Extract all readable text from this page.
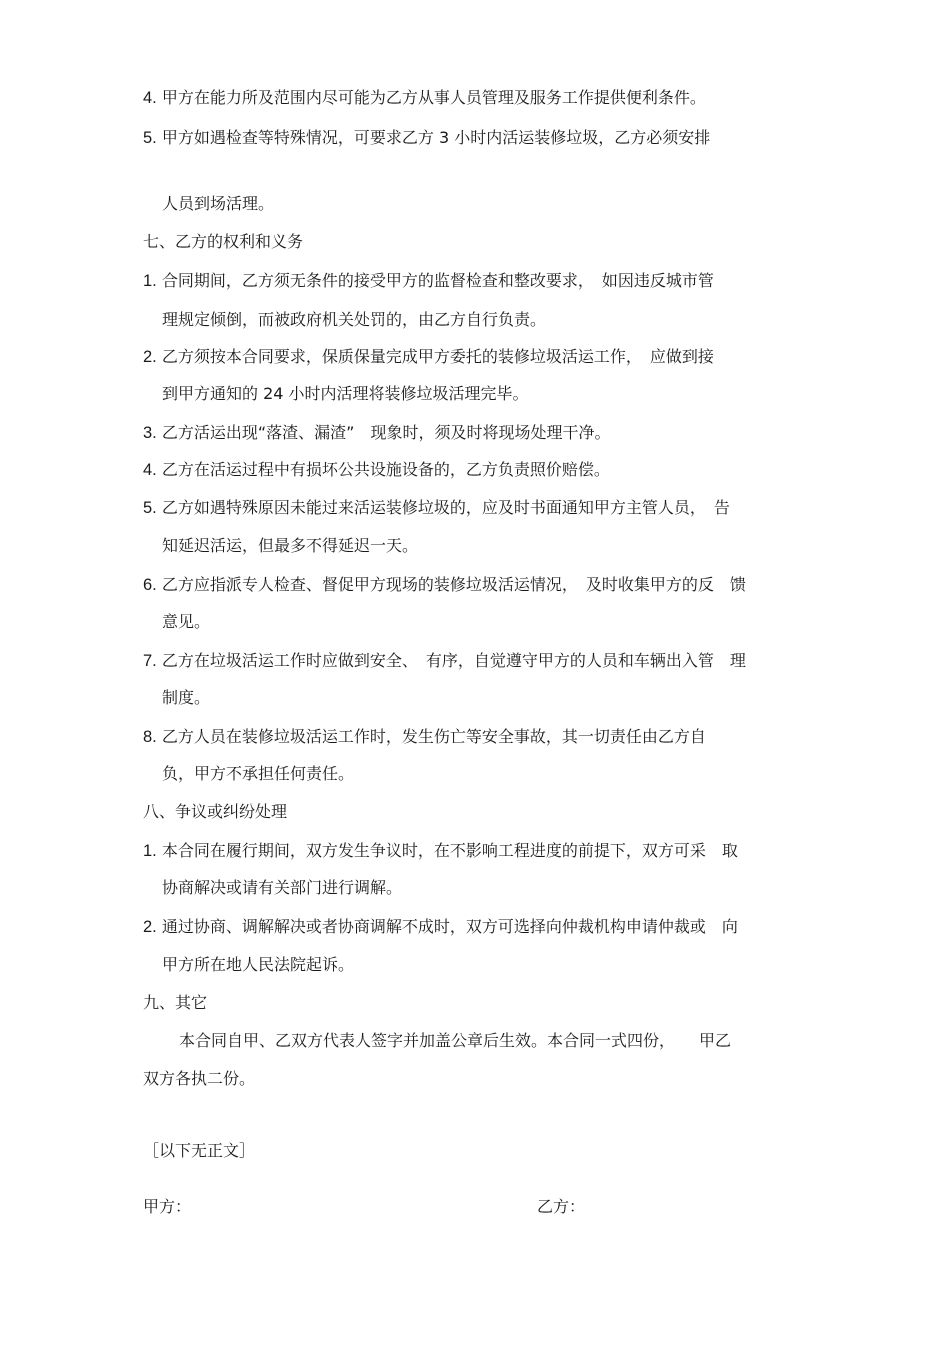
4. 甲方在能力所及范围内尽可能为乙方从事人员管理及服务工作提供便利条件。
5. 甲方如遇检查等特殊情况，可要求乙方 3 小时内活运装修垃圾，乙方必须安排
人员到场活理。
七、乙方的权利和义务
1. 合同期间，乙方须无条件的接受甲方的监督检查和整改要求，　如因违反城市管
理规定倾倒，而被政府机关处罚的，由乙方自行负责。
2. 乙方须按本合同要求，保质保量完成甲方委托的装修垃圾活运工作，　应做到接
到甲方通知的 24 小时内活理将装修垃圾活理完毕。
3. 乙方活运出现“落渣、漏渣”　现象时，须及时将现场处理干净。
4. 乙方在活运过程中有损坏公共设施设备的，乙方负责照价赔偿。
5. 乙方如遇特殊原因未能过来活运装修垃圾的，应及时书面通知甲方主管人员，　告
知延迟活运，但最多不得延迟一天。
6. 乙方应指派专人检查、督促甲方现场的装修垃圾活运情况，　及时收集甲方的反　馈
意见。
7. 乙方在垃圾活运工作时应做到安全、　有序，自觉遵守甲方的人员和车辆出入管　理
制度。
8. 乙方人员在装修垃圾活运工作时，发生伤亡等安全事故，其一切责任由乙方自
负，甲方不承担任何责任。
八、争议或纠纷处理
1. 本合同在履行期间，双方发生争议时，在不影响工程进度的前提下，双方可采　取
协商解决或请有关部门进行调解。
2. 通过协商、调解解决或者协商调解不成时，双方可选择向仲裁机构申请仲裁或　向
甲方所在地人民法院起诉。
九、其它
本合同自甲、乙双方代表人签字并加盖公章后生效。本合同一式四份，　　甲乙
双方各执二份。
［以下无正文］
甲方：	乙方：
